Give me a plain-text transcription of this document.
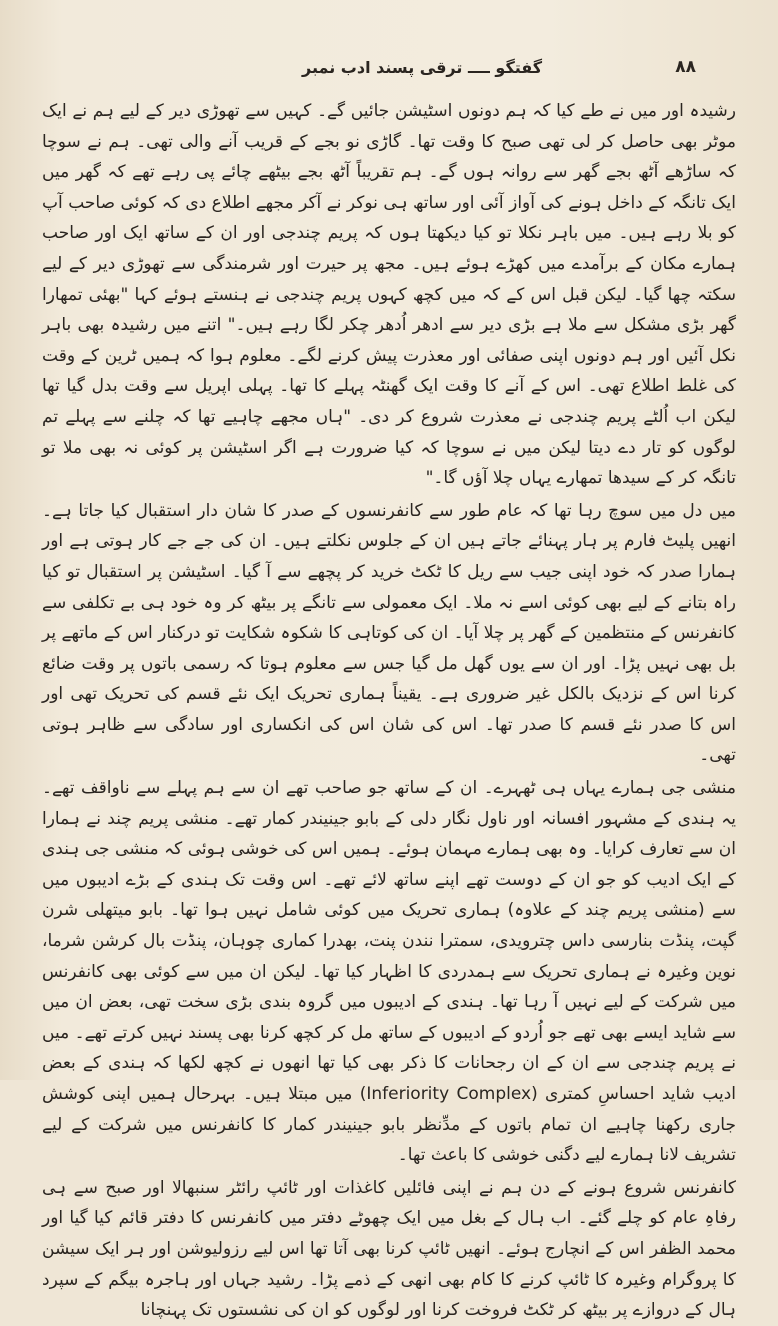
۸۸
گفتگو ــــ ترقی پسند ادب نمبر

رشیدہ اور میں نے طے کیا کہ ہم دونوں اسٹیشن جائیں گے۔ کہیں سے تھوڑی دیر کے لیے ہم نے ایک موٹر بھی حاصل کر لی تھی صبح کا وقت تھا۔ گاڑی نو بجے کے قریب آنے والی تھی۔ ہم نے سوچا کہ ساڑھے آٹھ بجے گھر سے روانہ ہوں گے۔ ہم تقریباً آٹھ بجے بیٹھے چائے پی رہے تھے کہ گھر میں ایک تانگہ کے داخل ہونے کی آواز آئی اور ساتھ ہی نوکر نے آکر مجھے اطلاع دی کہ کوئی صاحب آپ کو بلا رہے ہیں۔ میں باہر نکلا تو کیا دیکھتا ہوں کہ پریم چندجی اور ان کے ساتھ ایک اور صاحب ہمارے مکان کے برآمدے میں کھڑے ہوئے ہیں۔ مجھ پر حیرت اور شرمندگی سے تھوڑی دیر کے لیے سکتہ چھا گیا۔ لیکن قبل اس کے کہ میں کچھ کہوں پریم چندجی نے ہنستے ہوئے کہا "بھئی تمھارا گھر بڑی مشکل سے ملا ہے بڑی دیر سے ادھر اُدھر چکر لگا رہے ہیں۔" اتنے میں رشیدہ بھی باہر نکل آئیں اور ہم دونوں اپنی صفائی اور معذرت پیش کرنے لگے۔ معلوم ہوا کہ ہمیں ٹرین کے وقت کی غلط اطلاع تھی۔ اس کے آنے کا وقت ایک گھنٹہ پہلے کا تھا۔ پہلی اپریل سے وقت بدل گیا تھا لیکن اب اُلٹے پریم چندجی نے معذرت شروع کر دی۔ "ہاں مجھے چاہیے تھا کہ چلنے سے پہلے تم لوگوں کو تار دے دیتا لیکن میں نے سوچا کہ کیا ضرورت ہے اگر اسٹیشن پر کوئی نہ بھی ملا تو تانگہ کر کے سیدھا تمھارے یہاں چلا آؤں گا۔"

میں دل میں سوچ رہا تھا کہ عام طور سے کانفرنسوں کے صدر کا شان دار استقبال کیا جاتا ہے۔ انھیں پلیٹ فارم پر ہار پہنائے جاتے ہیں ان کے جلوس نکلتے ہیں۔ ان کی جے جے کار ہوتی ہے اور ہمارا صدر کہ خود اپنی جیب سے ریل کا ٹکٹ خرید کر پچھے سے آ گیا۔ اسٹیشن پر استقبال تو کیا راہ بتانے کے لیے بھی کوئی اسے نہ ملا۔ ایک معمولی سے تانگے پر بیٹھ کر وہ خود ہی بے تکلفی سے کانفرنس کے منتظمین کے گھر پر چلا آیا۔ ان کی کوتاہی کا شکوہ شکایت تو درکنار اس کے ماتھے پر بل بھی نہیں پڑا۔ اور ان سے یوں گھل مل گیا جس سے معلوم ہوتا کہ رسمی باتوں پر وقت ضائع کرنا اس کے نزدیک بالکل غیر ضروری ہے۔ یقیناً ہماری تحریک ایک نئے قسم کی تحریک تھی اور اس کا صدر نئے قسم کا صدر تھا۔ اس کی شان اس کی انکساری اور سادگی سے ظاہر ہوتی تھی۔

منشی جی ہمارے یہاں ہی ٹھہرے۔ ان کے ساتھ جو صاحب تھے ان سے ہم پہلے سے ناواقف تھے۔ یہ ہندی کے مشہور افسانہ اور ناول نگار دلی کے بابو جینیندر کمار تھے۔ منشی پریم چند نے ہمارا ان سے تعارف کرایا۔ وہ بھی ہمارے مہمان ہوئے۔ ہمیں اس کی خوشی ہوئی کہ منشی جی ہندی کے ایک ادیب کو جو ان کے دوست تھے اپنے ساتھ لائے تھے۔ اس وقت تک ہندی کے بڑے ادیبوں میں سے (منشی پریم چند کے علاوہ) ہماری تحریک میں کوئی شامل نہیں ہوا تھا۔ بابو میتھلی شرن گپت، پنڈت بنارسی داس چترویدی، سمترا نندن پنت، بھدرا کماری چوہان، پنڈت بال کرشن شرما، نوین وغیرہ نے ہماری تحریک سے ہمدردی کا اظہار کیا تھا۔ لیکن ان میں سے کوئی بھی کانفرنس میں شرکت کے لیے نہیں آ رہا تھا۔ ہندی کے ادیبوں میں گروہ بندی بڑی سخت تھی، بعض ان میں سے شاید ایسے بھی تھے جو اُردو کے ادیبوں کے ساتھ مل کر کچھ کرنا بھی پسند نہیں کرتے تھے۔ میں نے پریم چندجی سے ان کے ان رجحانات کا ذکر بھی کیا تھا انھوں نے کچھ لکھا کہ ہندی کے بعض ادیب شاید احساسِ کمتری (Inferiority Complex) میں مبتلا ہیں۔ بہرحال ہمیں اپنی کوشش جاری رکھنا چاہیے ان تمام باتوں کے مدِّنظر بابو جینیندر کمار کا کانفرنس میں شرکت کے لیے تشریف لانا ہمارے لیے دگنی خوشی کا باعث تھا۔

کانفرنس شروع ہونے کے دن ہم نے اپنی فائلیں کاغذات اور ٹائپ رائٹر سنبھالا اور صبح سے ہی رفاہِ عام کو چلے گئے۔ اب ہال کے بغل میں ایک چھوٹے دفتر میں کانفرنس کا دفتر قائم کیا گیا اور محمد الظفر اس کے انچارج ہوئے۔ انھیں ٹائپ کرنا بھی آتا تھا اس لیے رزولیوشن اور ہر ایک سیشن کا پروگرام وغیرہ کا ٹائپ کرنے کا کام بھی انھی کے ذمے پڑا۔ رشید جہاں اور ہاجرہ بیگم کے سپرد ہال کے دروازے پر بیٹھ کر ٹکٹ فروخت کرنا اور لوگوں کو ان کی نشستوں تک پہنچانا
